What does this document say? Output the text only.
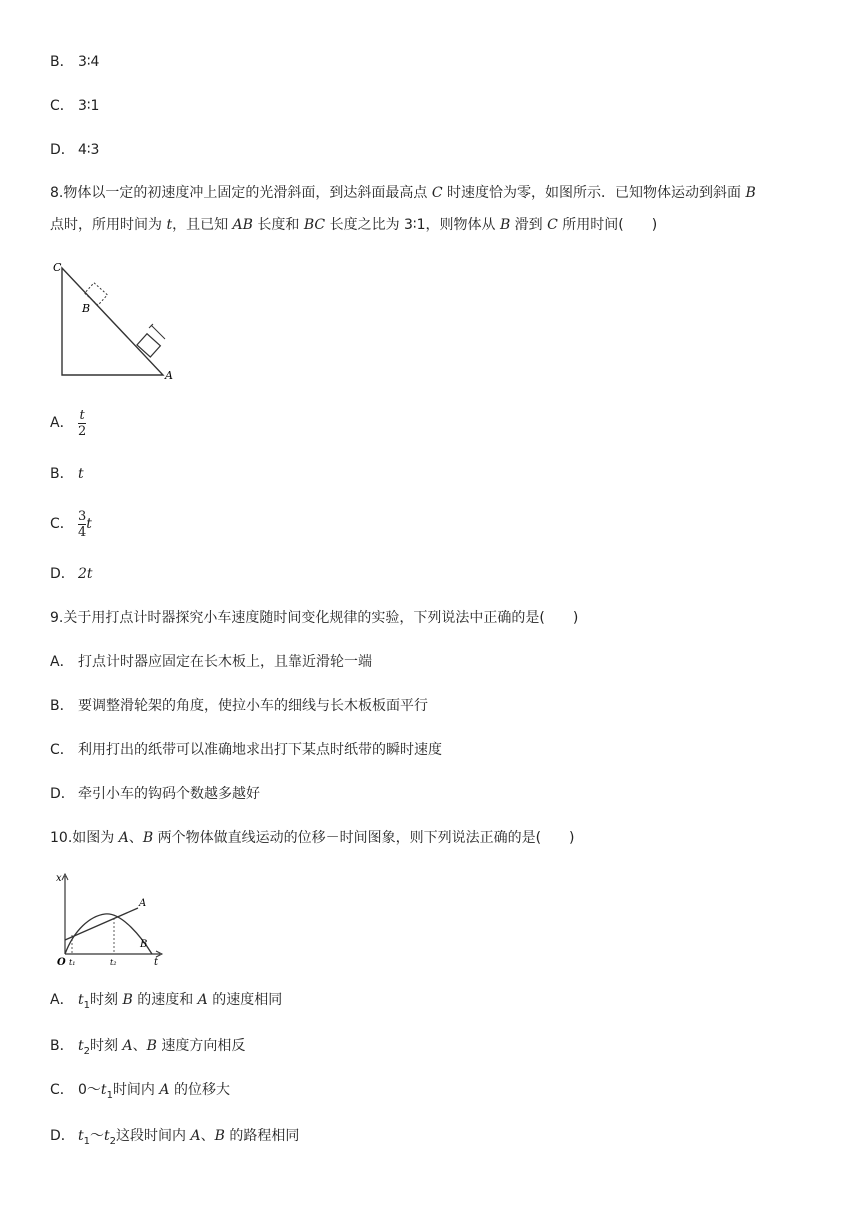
B． 3∶4
C． 3∶1
D． 4∶3
8.物体以一定的初速度冲上固定的光滑斜面，到达斜面最高点 C 时速度恰为零，如图所示．已知物体运动到斜面 B
点时，所用时间为 t，且已知 AB 长度和 BC 长度之比为 3∶1，则物体从 B 滑到 C 所用时间(　　)
C
B
A
A． $\frac{t}{2}$
B． t
C． $\frac{3}{4}$ t
D． 2t
9.关于用打点计时器探究小车速度随时间变化规律的实验，下列说法中正确的是(　　)
A． 打点计时器应固定在长木板上，且靠近滑轮一端
B． 要调整滑轮架的角度，使拉小车的细线与长木板板面平行
C． 利用打出的纸带可以准确地求出打下某点时纸带的瞬时速度
D． 牵引小车的钩码个数越多越好
10.如图为 A、B 两个物体做直线运动的位移－时间图象，则下列说法正确的是(　　)
x
O t₁	t₂	t
A
B
A． $t_1$时刻 B 的速度和 A 的速度相同
B． $t_2$时刻 A、B 速度方向相反
C． $0\sim t_1$时间内 A 的位移大
D． $t_1\sim t_2$这段时间内 A、B 的路程相同
